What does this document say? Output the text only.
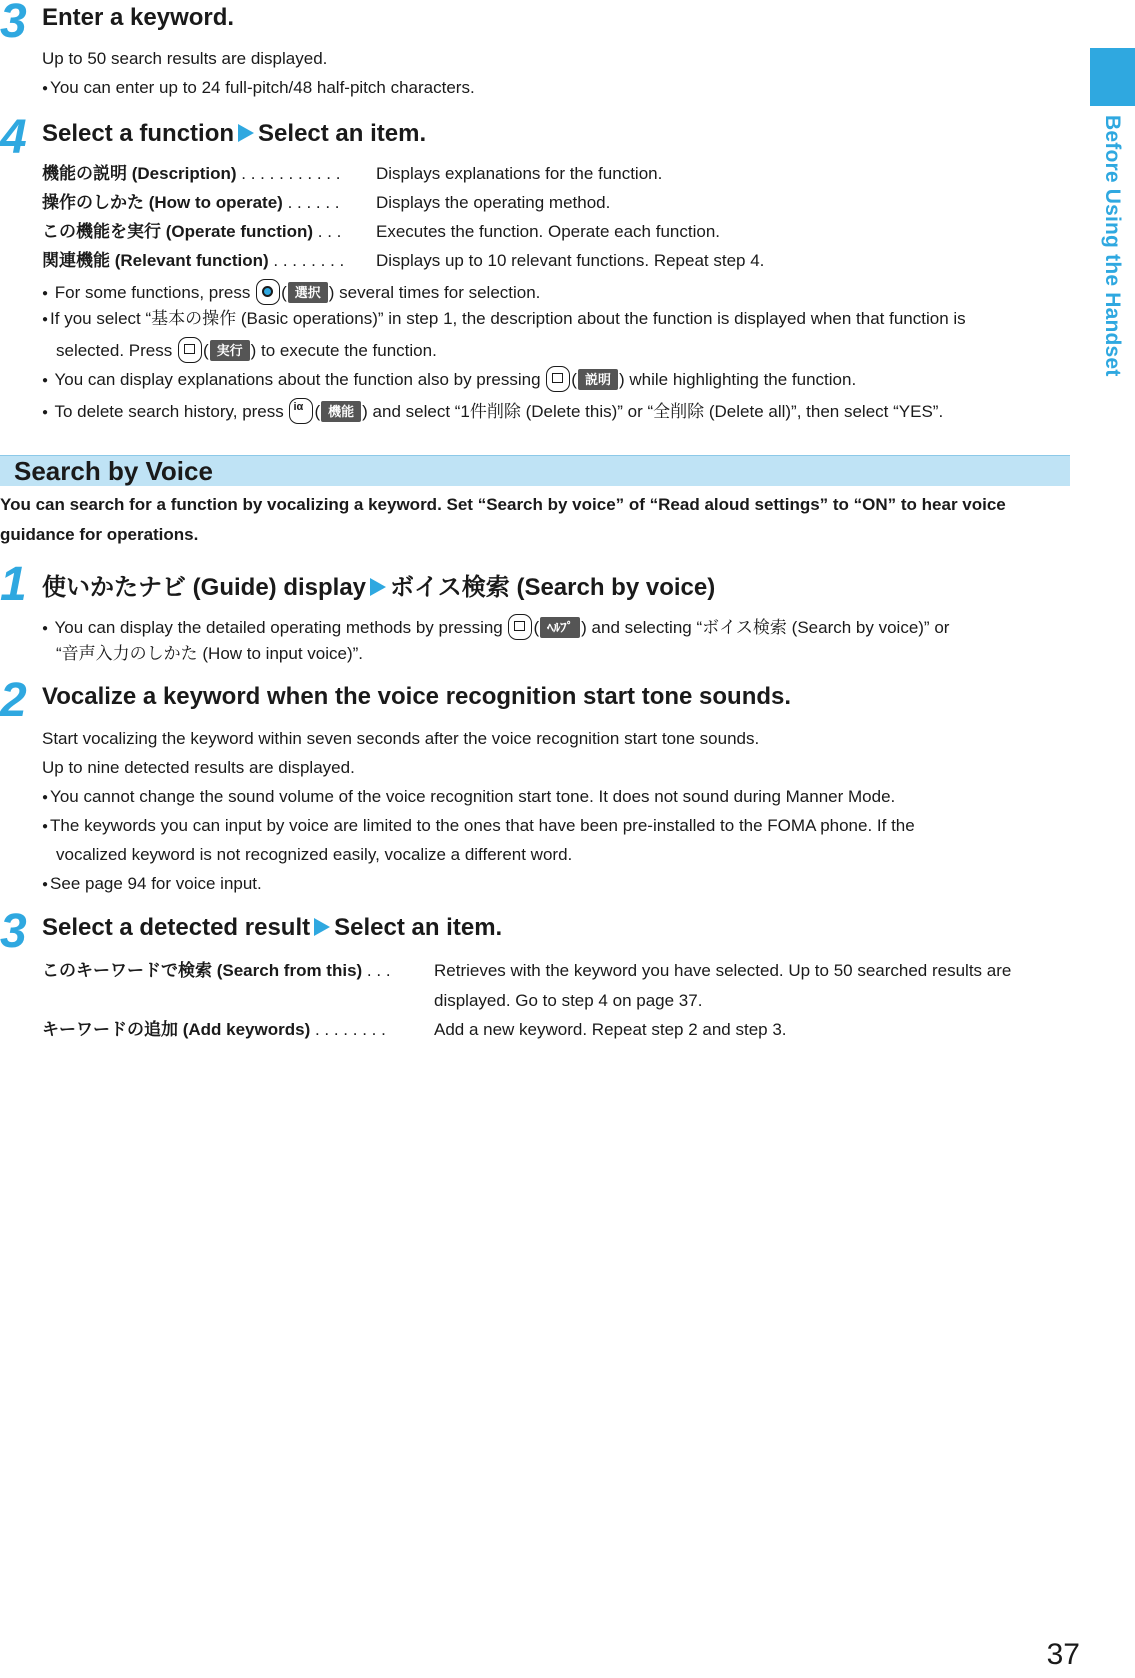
Before Using the Handset
3 Enter a keyword.
Up to 50 search results are displayed.
● You can enter up to 24 full-pitch/48 half-pitch characters.
4 Select a function Select an item.
機能の説明 (Description) . . . . . . . . . . . Displays explanations for the function.
操作のしかた (How to operate) . . . . . . Displays the operating method.
この機能を実行 (Operate function) . . . Executes the function. Operate each function.
関連機能 (Relevant function) . . . . . . . . Displays up to 10 relevant functions. Repeat step 4.
● For some functions, press
( 選択 ) several times for selection.
● If you select “基本の操作 (Basic operations)” in step 1, the description about the function is displayed when that function is
selected. Press
( 実行 ) to execute the function.
● You can display explanations about the function also by pressing
( 説明 ) while highlighting the function.
● To delete search history, press iα ( 機能 ) and select “1件削除 (Delete this)” or “全削除 (Delete all)”, then select “YES”.
Search by Voice
You can search for a function by vocalizing a keyword. Set “Search by voice” of “Read aloud settings” to “ON” to hear voice guidance for operations.
1 使いかたナビ (Guide) display ボイス検索 (Search by voice)
● You can display the detailed operating methods by pressing
( ﾍﾙﾌﾟ ) and selecting “ボイス検索 (Search by voice)” or
“音声入力のしかた (How to input voice)”.
2 Vocalize a keyword when the voice recognition start tone sounds.
Start vocalizing the keyword within seven seconds after the voice recognition start tone sounds.
Up to nine detected results are displayed.
● You cannot change the sound volume of the voice recognition start tone. It does not sound during Manner Mode.
● The keywords you can input by voice are limited to the ones that have been pre-installed to the FOMA phone. If the
vocalized keyword is not recognized easily, vocalize a different word.
● See page 94 for voice input.
3 Select a detected result Select an item.
このキーワードで検索 (Search from this) . . .	Retrieves with the keyword you have selected. Up to 50 searched results are
displayed. Go to step 4 on page 37.
キーワードの追加 (Add keywords) . . . . . . . .	Add a new keyword. Repeat step 2 and step 3.
37
